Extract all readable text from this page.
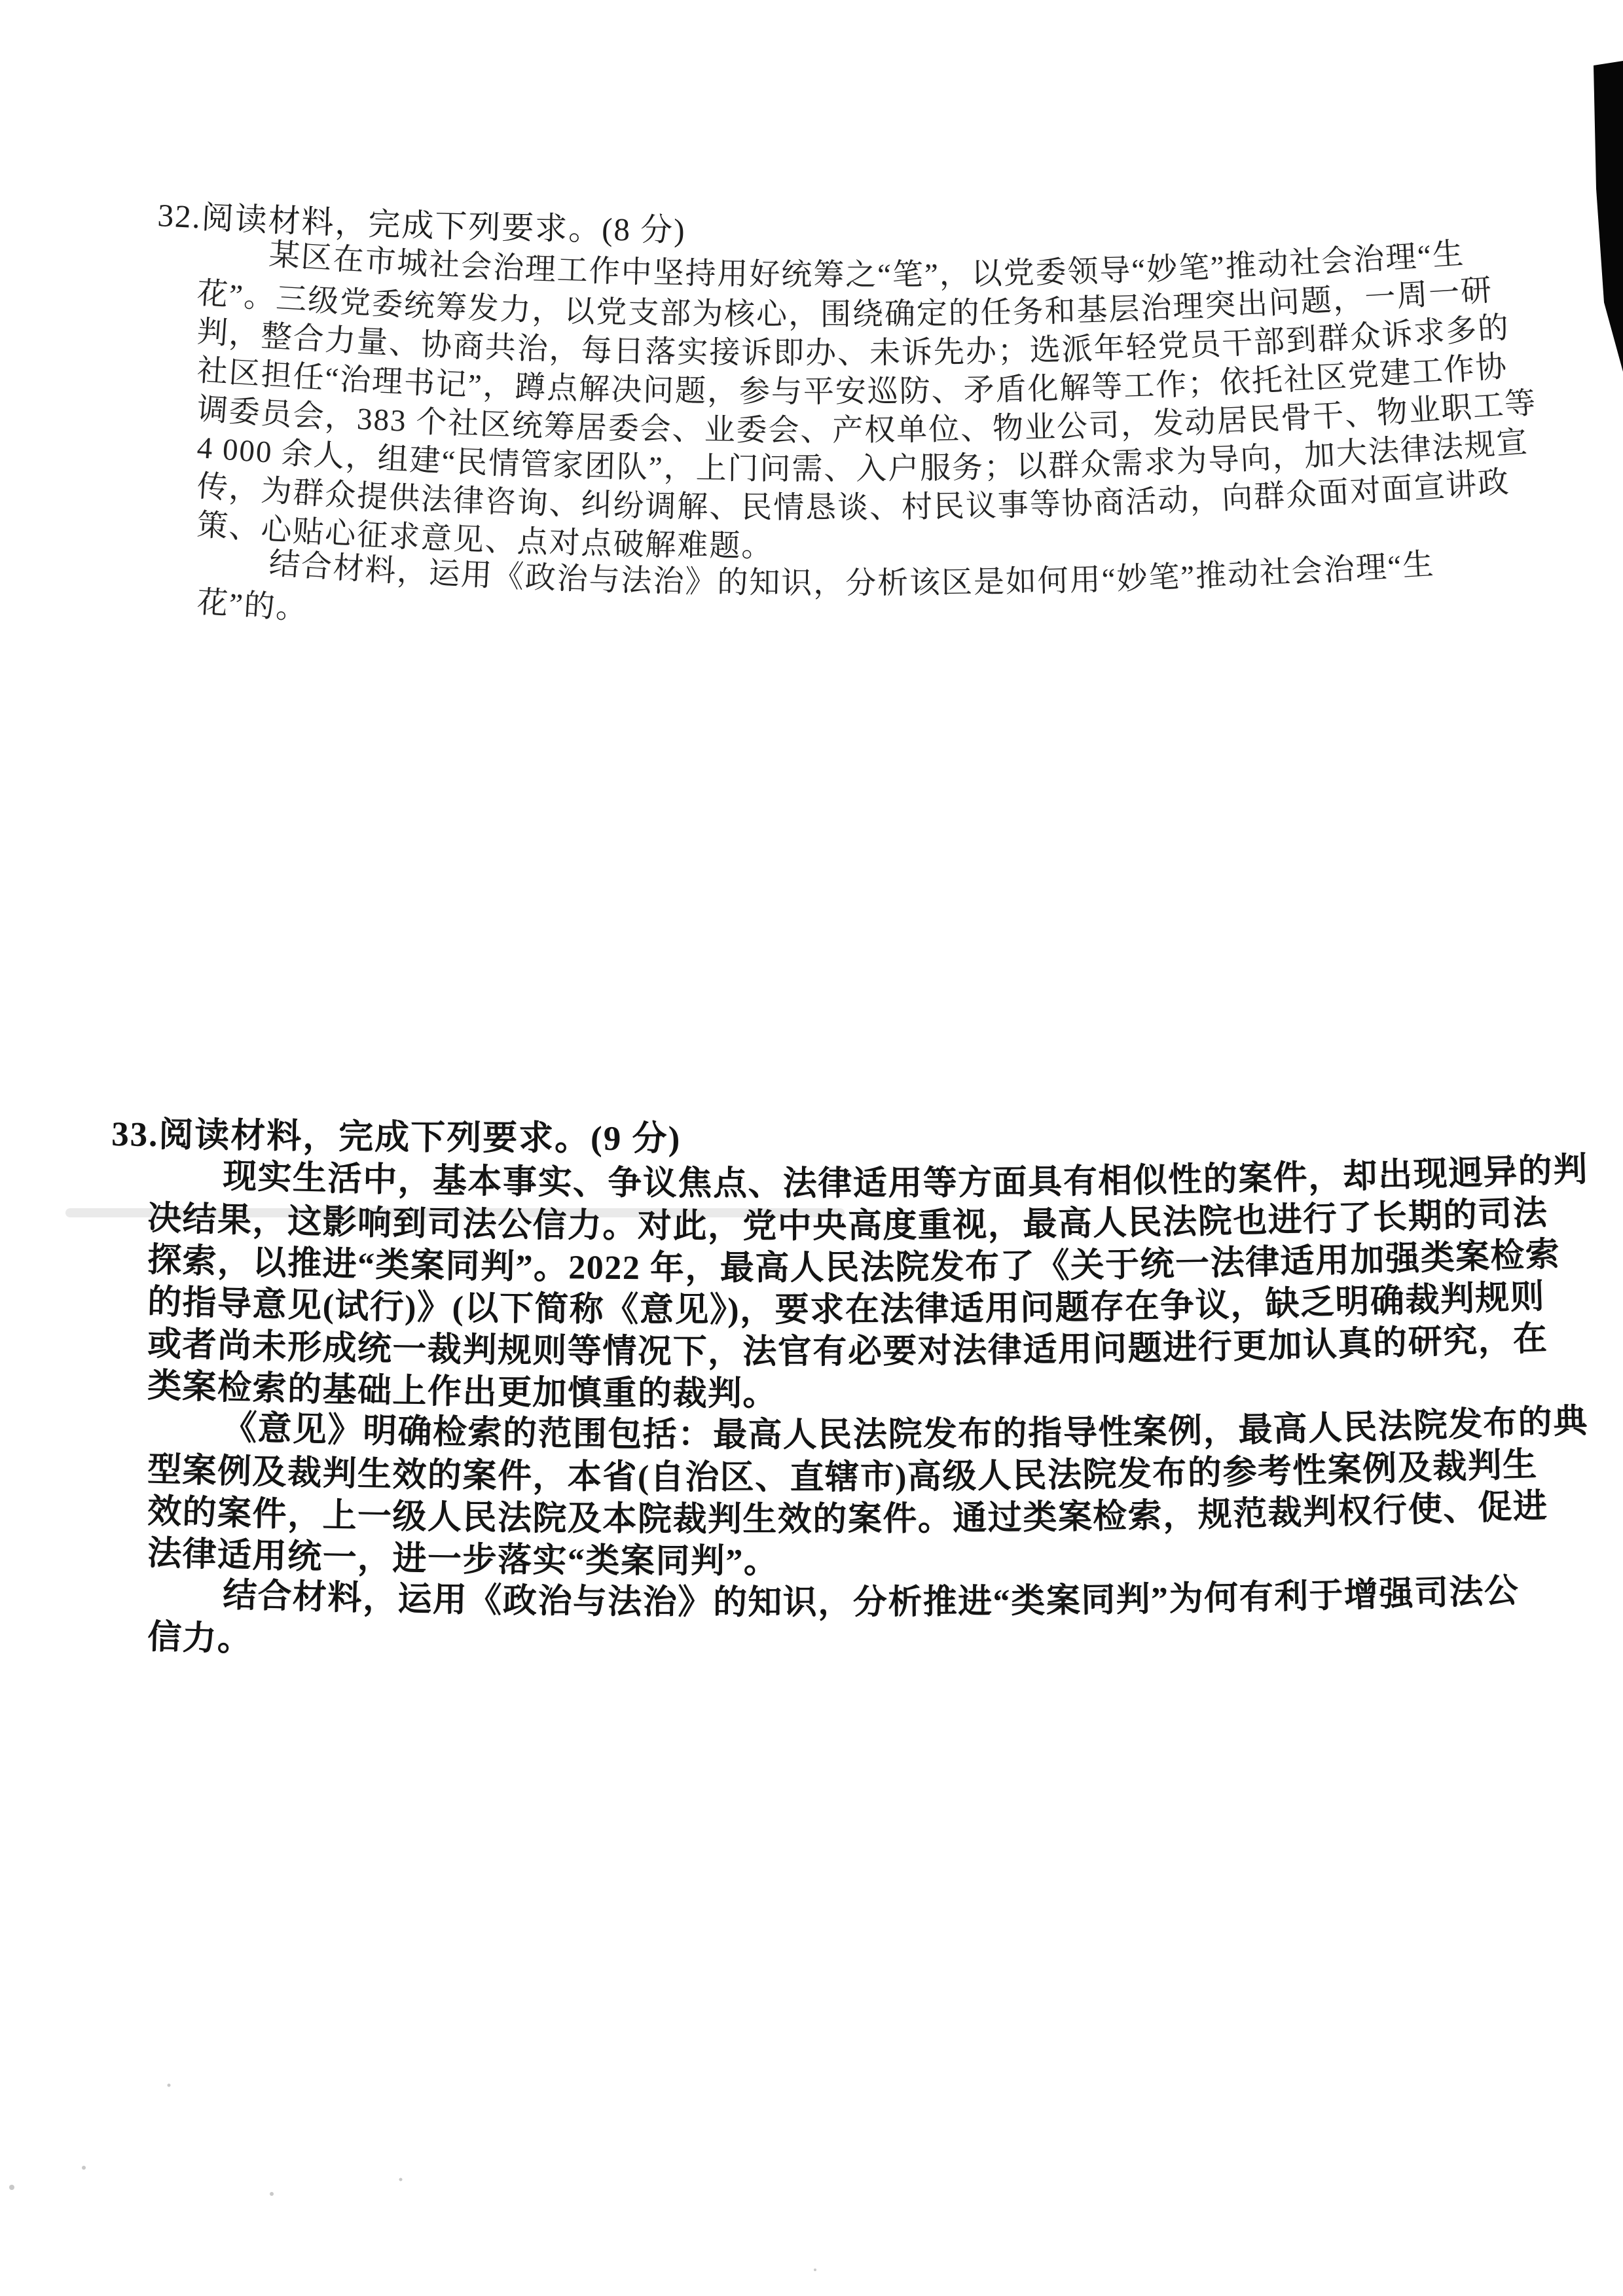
32.阅读材料，完成下列要求。(8 分)
某区在市城社会治理工作中坚持用好统筹之“笔”，以党委领导“妙笔”推动社会治理“生
花”。三级党委统筹发力，以党支部为核心，围绕确定的任务和基层治理突出问题，一周一研
判，整合力量、协商共治，每日落实接诉即办、未诉先办；选派年轻党员干部到群众诉求多的
社区担任“治理书记”，蹲点解决问题，参与平安巡防、矛盾化解等工作；依托社区党建工作协
调委员会，383 个社区统筹居委会、业委会、产权单位、物业公司，发动居民骨干、物业职工等
4 000 余人，组建“民情管家团队”，上门问需、入户服务；以群众需求为导向，加大法律法规宣
传，为群众提供法律咨询、纠纷调解、民情恳谈、村民议事等协商活动，向群众面对面宣讲政
策、心贴心征求意见、点对点破解难题。
结合材料，运用《政治与法治》的知识，分析该区是如何用“妙笔”推动社会治理“生
花”的。
33.阅读材料，完成下列要求。(9 分)
现实生活中，基本事实、争议焦点、法律适用等方面具有相似性的案件，却出现迥异的判
决结果，这影响到司法公信力。对此，党中央高度重视，最高人民法院也进行了长期的司法
探索，以推进“类案同判”。2022 年，最高人民法院发布了《关于统一法律适用加强类案检索
的指导意见(试行)》(以下简称《意见》)，要求在法律适用问题存在争议，缺乏明确裁判规则
或者尚未形成统一裁判规则等情况下，法官有必要对法律适用问题进行更加认真的研究，在
类案检索的基础上作出更加慎重的裁判。
《意见》明确检索的范围包括：最高人民法院发布的指导性案例，最高人民法院发布的典
型案例及裁判生效的案件，本省(自治区、直辖市)高级人民法院发布的参考性案例及裁判生
效的案件，上一级人民法院及本院裁判生效的案件。通过类案检索，规范裁判权行使、促进
法律适用统一，进一步落实“类案同判”。
结合材料，运用《政治与法治》的知识，分析推进“类案同判”为何有利于增强司法公
信力。
